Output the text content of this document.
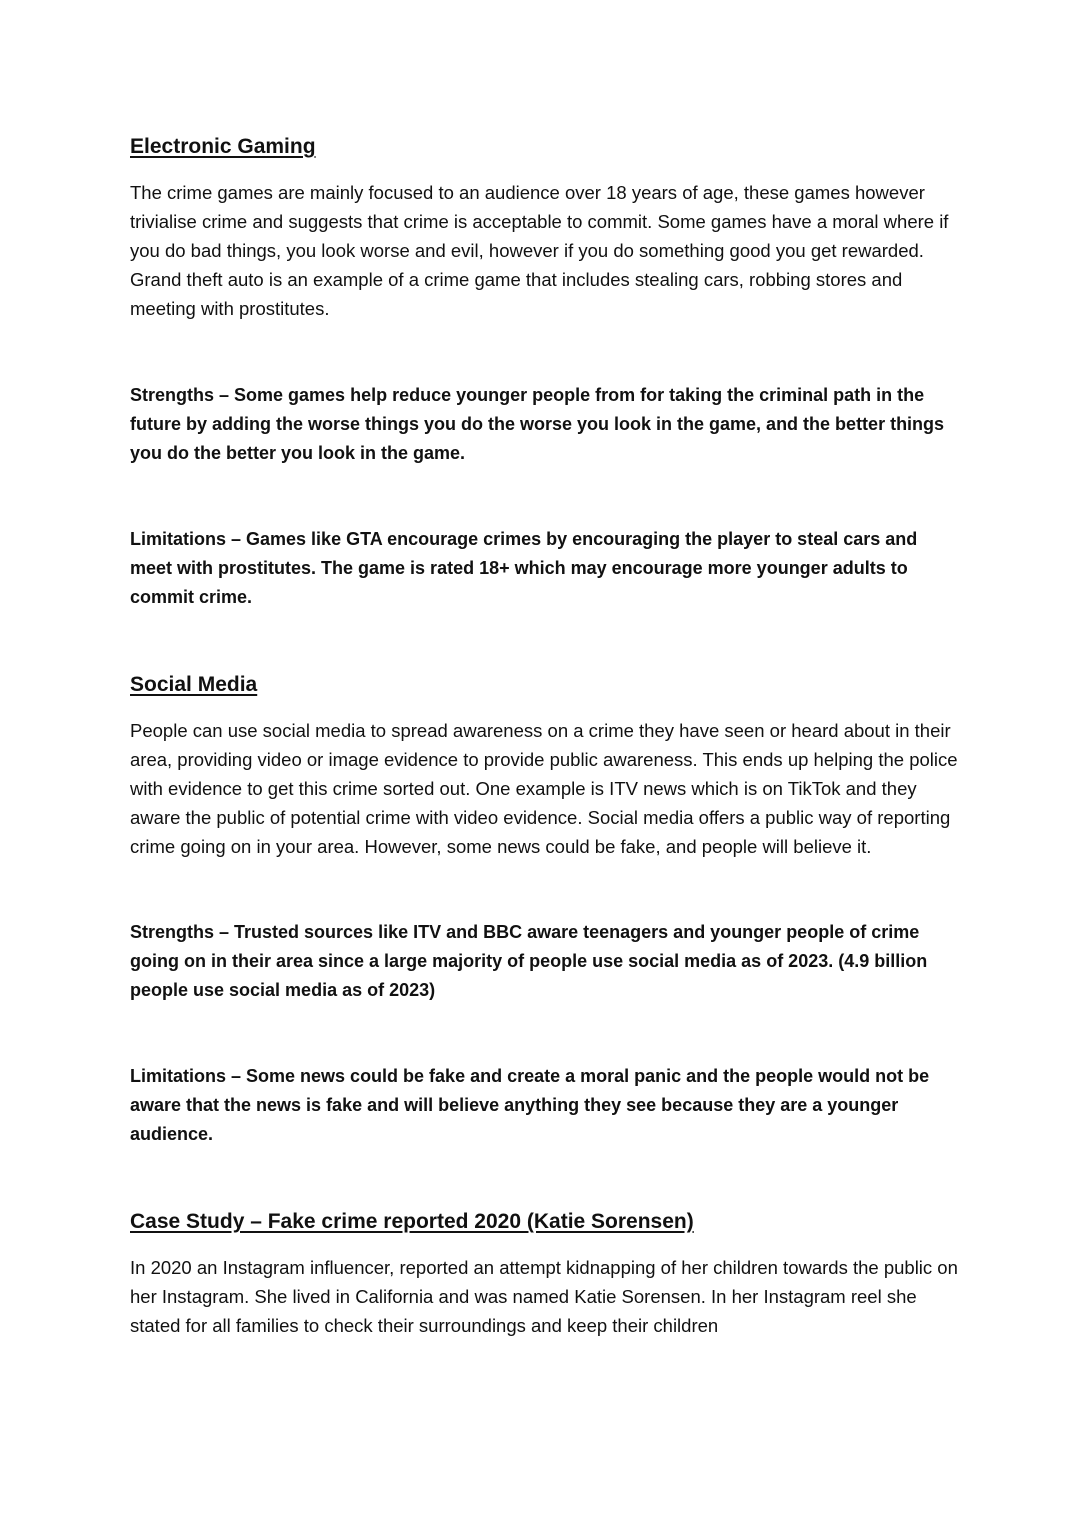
Electronic Gaming

The crime games are mainly focused to an audience over 18 years of age, these games however trivialise crime and suggests that crime is acceptable to commit. Some games have a moral where if you do bad things, you look worse and evil, however if you do something good you get rewarded. Grand theft auto is an example of a crime game that includes stealing cars, robbing stores and meeting with prostitutes.

Strengths – Some games help reduce younger people from for taking the criminal path in the future by adding the worse things you do the worse you look in the game, and the better things you do the better you look in the game.

Limitations – Games like GTA encourage crimes by encouraging the player to steal cars and meet with prostitutes. The game is rated 18+ which may encourage more younger adults to commit crime.

Social Media

People can use social media to spread awareness on a crime they have seen or heard about in their area, providing video or image evidence to provide public awareness. This ends up helping the police with evidence to get this crime sorted out. One example is ITV news which is on TikTok and they aware the public of potential crime with video evidence. Social media offers a public way of reporting crime going on in your area. However, some news could be fake, and people will believe it.

Strengths – Trusted sources like ITV and BBC aware teenagers and younger people of crime going on in their area since a large majority of people use social media as of 2023. (4.9 billion people use social media as of 2023)

Limitations – Some news could be fake and create a moral panic and the people would not be aware that the news is fake and will believe anything they see because they are a younger audience.

Case Study – Fake crime reported 2020 (Katie Sorensen)

In 2020 an Instagram influencer, reported an attempt kidnapping of her children towards the public on her Instagram. She lived in California and was named Katie Sorensen. In her Instagram reel she stated for all families to check their surroundings and keep their children
